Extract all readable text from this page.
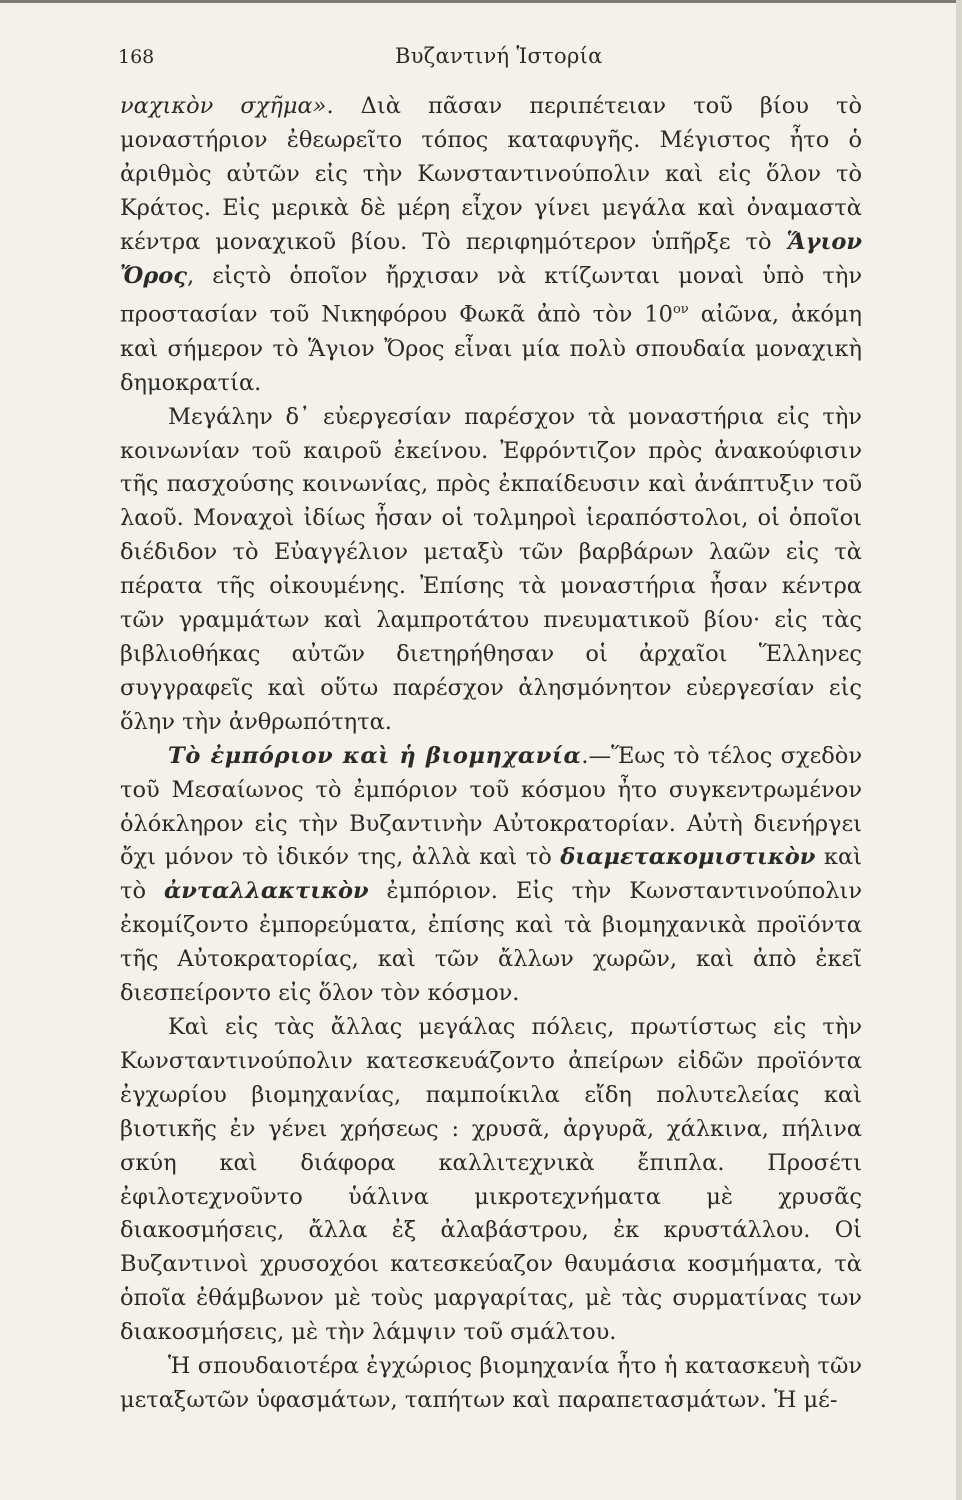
168	Βυζαντινή Ἱστορία

ναχικὸν σχῆμα». Διὰ πᾶσαν περιπέτειαν τοῦ βίου τὸ μοναστήριον ἐθεωρεῖτο τόπος καταφυγῆς. Μέγιστος ἦτο ὁ ἀριθμὸς αὐτῶν εἰς τὴν Κωνσταντινούπολιν καὶ εἰς ὅλον τὸ Κράτος. Εἰς μερικὰ δὲ μέρη εἶχον γίνει μεγάλα καὶ ὀναμαστὰ κέντρα μοναχικοῦ βίου. Τὸ περιφημότερον ὑπῆρξε τὸ Ἅγιον Ὄρος, εἰςτὸ ὁποῖον ἤρχισαν νὰ κτίζωνται μοναὶ ὑπὸ τὴν προστασίαν τοῦ Νικηφόρου Φωκᾶ ἀπὸ τὸν $10^{o\nu}$ αἰῶνα, ἀκόμη καὶ σήμερον τὸ Ἅγιον Ὄρος εἶναι μία πολὺ σπουδαία μοναχικὴ δημοκρατία.

Μεγάλην δ᾿ εὐεργεσίαν παρέσχον τὰ μοναστήρια εἰς τὴν κοινωνίαν τοῦ καιροῦ ἐκείνου. Ἐφρόντιζον πρὸς ἀνακούφισιν τῆς πασχούσης κοινωνίας, πρὸς ἐκπαίδευσιν καὶ ἀνάπτυξιν τοῦ λαοῦ. Μοναχοὶ ἰδίως ἦσαν οἱ τολμηροὶ ἱεραπόστολοι, οἱ ὁποῖοι διέδιδον τὸ Εὐαγγέλιον μεταξὺ τῶν βαρβάρων λαῶν εἰς τὰ πέρατα τῆς οἰκουμένης. Ἐπίσης τὰ μοναστήρια ἦσαν κέντρα τῶν γραμμάτων καὶ λαμπροτάτου πνευματικοῦ βίου· εἰς τὰς βιβλιοθήκας αὐτῶν διετηρήθησαν οἱ ἀρχαῖοι Ἕλληνες συγγραφεῖς καὶ οὕτω παρέσχον ἀλησμόνητον εὐεργεσίαν εἰς ὅλην τὴν ἀνθρωπότητα.

Τὸ ἐμπόριον καὶ ἡ βιομηχανία.—Ἕως τὸ τέλος σχεδὸν τοῦ Μεσαίωνος τὸ ἐμπόριον τοῦ κόσμου ἦτο συγκεντρωμένον ὁλόκληρον εἰς τὴν Βυζαντινὴν Αὐτοκρατορίαν. Αὐτὴ διενήργει ὄχι μόνον τὸ ἰδικόν της, ἀλλὰ καὶ τὸ διαμετακομιστικὸν καὶ τὸ ἀνταλλακτικὸν ἐμπόριον. Εἰς τὴν Κωνσταντινούπολιν ἐκομίζοντο ἐμπορεύματα, ἐπίσης καὶ τὰ βιομηχανικὰ προϊόντα τῆς Αὐτοκρατορίας, καὶ τῶν ἄλλων χωρῶν, καὶ ἀπὸ ἐκεῖ διεσπείροντο εἰς ὅλον τὸν κόσμον.

Καὶ εἰς τὰς ἄλλας μεγάλας πόλεις, πρωτίστως εἰς τὴν Κωνσταντινούπολιν κατεσκευάζοντο ἀπείρων εἰδῶν προϊόντα ἐγχωρίου βιομηχανίας, παμποίκιλα εἴδη πολυτελείας καὶ βιοτικῆς ἐν γένει χρήσεως : χρυσᾶ, ἀργυρᾶ, χάλκινα, πήλινα σκύη καὶ διάφορα καλλιτεχνικὰ ἔπιπλα. Προσέτι ἐφιλοτεχνοῦντο ὑάλινα μικροτεχνήματα μὲ χρυσᾶς διακοσμήσεις, ἄλλα ἐξ ἀλαβάστρου, ἐκ κρυστάλλου. Οἱ Βυζαντινοὶ χρυσοχόοι κατεσκεύαζον θαυμάσια κοσμήματα, τὰ ὁποῖα ἐθάμβωνον μὲ τοὺς μαργαρίτας, μὲ τὰς συρματίνας των διακοσμήσεις, μὲ τὴν λάμψιν τοῦ σμάλτου.

Ἡ σπουδαιοτέρα ἐγχώριος βιομηχανία ἦτο ἡ κατασκευὴ τῶν μεταξωτῶν ὑφασμάτων, ταπήτων καὶ παραπετασμάτων. Ἡ μέ-
